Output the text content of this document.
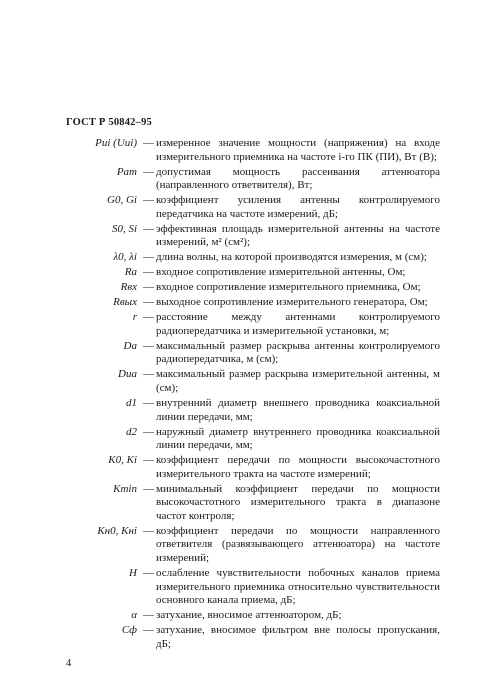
ГОСТ Р 50842–95
Pиi (Uиi) — измеренное значение мощности (напряжения) на входе измерительного приемника на частоте i-го ПК (ПИ), Вт (В);
Pат — допустимая мощность рассеивания аттенюатора (направленного ответвителя), Вт;
G0, Gi — коэффициент усиления антенны контролируемого передатчика на частоте измерений, дБ;
S0, Si — эффективная площадь измерительной антенны на частоте измерений, м² (см²);
λ0, λi — длина волны, на которой производятся измерения, м (см);
Rа — входное сопротивление измерительной антенны, Ом;
Rвх — входное сопротивление измерительного приемника, Ом;
Rвых — выходное сопротивление измерительного генератора, Ом;
r — расстояние между антеннами контролируемого радиопередатчика и измерительной установки, м;
Dа — максимальный размер раскрыва антенны контролируемого радиопередатчика, м (см);
Dиа — максимальный размер раскрыва измерительной антенны, м (см);
d1 — внутренний диаметр внешнего проводника коаксиальной линии передачи, мм;
d2 — наружный диаметр внутреннего проводника коаксиальной линии передачи, мм;
K0, Ki — коэффициент передачи по мощности высокочастотного измерительного тракта на частоте измерений;
Kmin — минимальный коэффициент передачи по мощности высокочастотного измерительного тракта в диапазоне частот контроля;
Kн0, Kнi — коэффициент передачи по мощности направленного ответвителя (развязывающего аттенюатора) на частоте измерений;
H — ослабление чувствительности побочных каналов приема измерительного приемника относительно чувствительности основного канала приема, дБ;
α — затухание, вносимое аттенюатором, дБ;
Cф — затухание, вносимое фильтром вне полосы пропускания, дБ;
4
